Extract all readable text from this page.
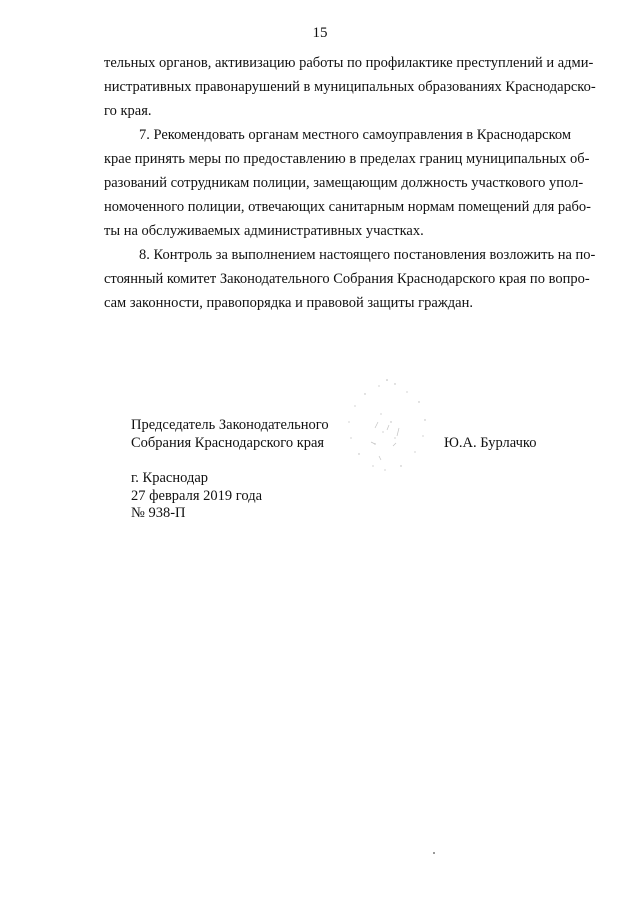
15

тельных органов, активизацию работы по профилактике преступлений и адми-
нистративных правонарушений в муниципальных образованиях Краснодарско-
го края.

7. Рекомендовать органам местного самоуправления в Краснодарском
крае принять меры по предоставлению в пределах границ муниципальных об-
разований сотрудникам полиции, замещающим должность участкового упол-
номоченного полиции, отвечающих санитарным нормам помещений для рабо-
ты на обслуживаемых административных участках.

8. Контроль за выполнением настоящего постановления возложить на по-
стоянный комитет Законодательного Собрания Краснодарского края по вопро-
сам законности, правопорядка и правовой защиты граждан.

Председатель Законодательного
Собрания Краснодарского края	Ю.А. Бурлачко
г. Краснодар
27 февраля 2019 года
№ 938-П
